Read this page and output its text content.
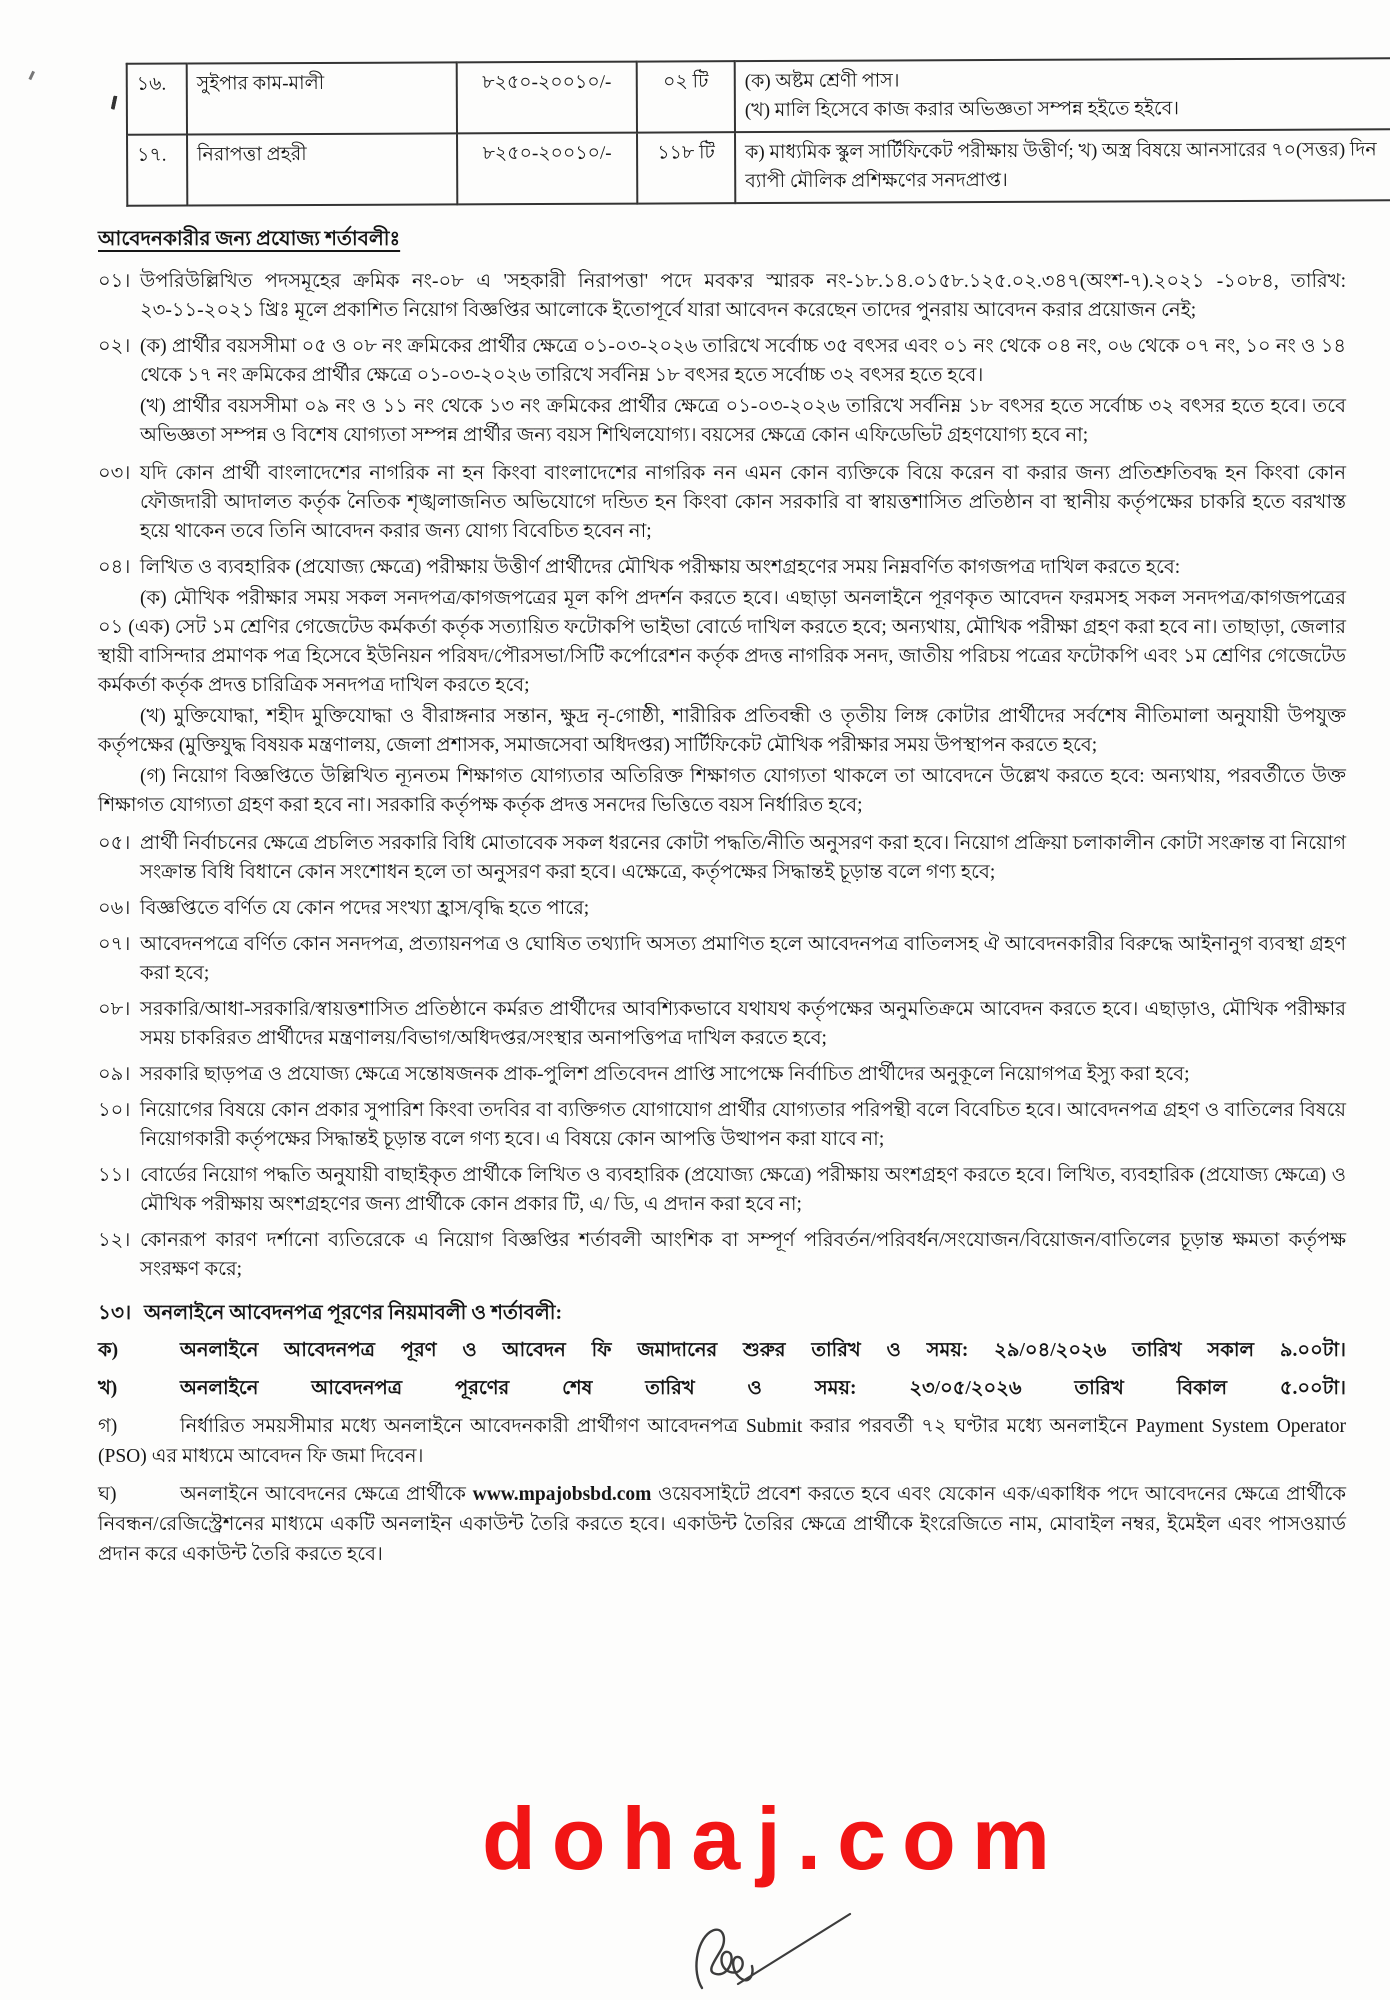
১৬.	সুইপার কাম-মালী	৮২৫০-২০০১০/-	০২ টি	(ক) অষ্টম শ্রেণী পাস।
(খ) মালি হিসেবে কাজ করার অভিজ্ঞতা সম্পন্ন হইতে হইবে।
১৭.	নিরাপত্তা প্রহরী	৮২৫০-২০০১০/-	১১৮ টি	ক) মাধ্যমিক স্কুল সার্টিফিকেট পরীক্ষায় উত্তীর্ণ; খ) অস্ত্র বিষয়ে আনসারের ৭০(সত্তর) দিন ব্যাপী মৌলিক প্রশিক্ষণের সনদপ্রাপ্ত।
আবেদনকারীর জন্য প্রযোজ্য শর্তাবলীঃ
০১। উপরিউল্লিখিত পদসমূহের ক্রমিক নং-০৮ এ 'সহকারী নিরাপত্তা' পদে মবক'র স্মারক নং-১৮.১৪.০১৫৮.১২৫.০২.৩৪৭(অংশ-৭).২০২১ -১০৮৪, তারিখ: ২৩-১১-২০২১ খ্রিঃ মূলে প্রকাশিত নিয়োগ বিজ্ঞপ্তির আলোকে ইতোপূর্বে যারা আবেদন করেছেন তাদের পুনরায় আবেদন করার প্রয়োজন নেই;
০২। (ক) প্রার্থীর বয়সসীমা ০৫ ও ০৮ নং ক্রমিকের প্রার্থীর ক্ষেত্রে ০১-০৩-২০২৬ তারিখে সর্বোচ্চ ৩৫ বৎসর এবং ০১ নং থেকে ০৪ নং, ০৬ থেকে ০৭ নং, ১০ নং ও ১৪ থেকে ১৭ নং ক্রমিকের প্রার্থীর ক্ষেত্রে ০১-০৩-২০২৬ তারিখে সর্বনিম্ন ১৮ বৎসর হতে সর্বোচ্চ ৩২ বৎসর হতে হবে।

(খ) প্রার্থীর বয়সসীমা ০৯ নং ও ১১ নং থেকে ১৩ নং ক্রমিকের প্রার্থীর ক্ষেত্রে ০১-০৩-২০২৬ তারিখে সর্বনিম্ন ১৮ বৎসর হতে সর্বোচ্চ ৩২ বৎসর হতে হবে। তবে অভিজ্ঞতা সম্পন্ন ও বিশেষ যোগ্যতা সম্পন্ন প্রার্থীর জন্য বয়স শিথিলযোগ্য। বয়সের ক্ষেত্রে কোন এফিডেভিট গ্রহণযোগ্য হবে না;

০৩। যদি কোন প্রার্থী বাংলাদেশের নাগরিক না হন কিংবা বাংলাদেশের নাগরিক নন এমন কোন ব্যক্তিকে বিয়ে করেন বা করার জন্য প্রতিশ্রুতিবদ্ধ হন কিংবা কোন ফৌজদারী আদালত কর্তৃক নৈতিক শৃঙ্খলাজনিত অভিযোগে দন্ডিত হন কিংবা কোন সরকারি বা স্বায়ত্তশাসিত প্রতিষ্ঠান বা স্থানীয় কর্তৃপক্ষের চাকরি হতে বরখাস্ত হয়ে থাকেন তবে তিনি আবেদন করার জন্য যোগ্য বিবেচিত হবেন না;
০৪। লিখিত ও ব্যবহারিক (প্রযোজ্য ক্ষেত্রে) পরীক্ষায় উত্তীর্ণ প্রার্থীদের মৌখিক পরীক্ষায় অংশগ্রহণের সময় নিম্নবর্ণিত কাগজপত্র দাখিল করতে হবে:

(ক) মৌখিক পরীক্ষার সময় সকল সনদপত্র/কাগজপত্রের মূল কপি প্রদর্শন করতে হবে। এছাড়া অনলাইনে পূরণকৃত আবেদন ফরমসহ সকল সনদপত্র/কাগজপত্রের ০১ (এক) সেট ১ম শ্রেণির গেজেটেড কর্মকর্তা কর্তৃক সত্যায়িত ফটোকপি ভাইভা বোর্ডে দাখিল করতে হবে; অন্যথায়, মৌখিক পরীক্ষা গ্রহণ করা হবে না। তাছাড়া, জেলার স্থায়ী বাসিন্দার প্রমাণক পত্র হিসেবে ইউনিয়ন পরিষদ/পৌরসভা/সিটি কর্পোরেশন কর্তৃক প্রদত্ত নাগরিক সনদ, জাতীয় পরিচয় পত্রের ফটোকপি এবং ১ম শ্রেণির গেজেটেড কর্মকর্তা কর্তৃক প্রদত্ত চারিত্রিক সনদপত্র দাখিল করতে হবে;

(খ) মুক্তিযোদ্ধা, শহীদ মুক্তিযোদ্ধা ও বীরাঙ্গনার সন্তান, ক্ষুদ্র নৃ-গোষ্ঠী, শারীরিক প্রতিবন্ধী ও তৃতীয় লিঙ্গ কোটার প্রার্থীদের সর্বশেষ নীতিমালা অনুযায়ী উপযুক্ত কর্তৃপক্ষের (মুক্তিযুদ্ধ বিষয়ক মন্ত্রণালয়, জেলা প্রশাসক, সমাজসেবা অধিদপ্তর) সার্টিফিকেট মৌখিক পরীক্ষার সময় উপস্থাপন করতে হবে;

(গ) নিয়োগ বিজ্ঞপ্তিতে উল্লিখিত ন্যূনতম শিক্ষাগত যোগ্যতার অতিরিক্ত শিক্ষাগত যোগ্যতা থাকলে তা আবেদনে উল্লেখ করতে হবে: অন্যথায়, পরবর্তীতে উক্ত শিক্ষাগত যোগ্যতা গ্রহণ করা হবে না। সরকারি কর্তৃপক্ষ কর্তৃক প্রদত্ত সনদের ভিত্তিতে বয়স নির্ধারিত হবে;

০৫। প্রার্থী নির্বাচনের ক্ষেত্রে প্রচলিত সরকারি বিধি মোতাবেক সকল ধরনের কোটা পদ্ধতি/নীতি অনুসরণ করা হবে। নিয়োগ প্রক্রিয়া চলাকালীন কোটা সংক্রান্ত বা নিয়োগ সংক্রান্ত বিধি বিধানে কোন সংশোধন হলে তা অনুসরণ করা হবে। এক্ষেত্রে, কর্তৃপক্ষের সিদ্ধান্তই চূড়ান্ত বলে গণ্য হবে;
০৬। বিজ্ঞপ্তিতে বর্ণিত যে কোন পদের সংখ্যা হ্রাস/বৃদ্ধি হতে পারে;
০৭। আবেদনপত্রে বর্ণিত কোন সনদপত্র, প্রত্যায়নপত্র ও ঘোষিত তথ্যাদি অসত্য প্রমাণিত হলে আবেদনপত্র বাতিলসহ ঐ আবেদনকারীর বিরুদ্ধে আইনানুগ ব্যবস্থা গ্রহণ করা হবে;
০৮। সরকারি/আধা-সরকারি/স্বায়ত্তশাসিত প্রতিষ্ঠানে কর্মরত প্রার্থীদের আবশ্যিকভাবে যথাযথ কর্তৃপক্ষের অনুমতিক্রমে আবেদন করতে হবে। এছাড়াও, মৌখিক পরীক্ষার সময় চাকরিরত প্রার্থীদের মন্ত্রণালয়/বিভাগ/অধিদপ্তর/সংস্থার অনাপত্তিপত্র দাখিল করতে হবে;
০৯। সরকারি ছাড়পত্র ও প্রযোজ্য ক্ষেত্রে সন্তোষজনক প্রাক-পুলিশ প্রতিবেদন প্রাপ্তি সাপেক্ষে নির্বাচিত প্রার্থীদের অনুকূলে নিয়োগপত্র ইস্যু করা হবে;
১০। নিয়োগের বিষয়ে কোন প্রকার সুপারিশ কিংবা তদবির বা ব্যক্তিগত যোগাযোগ প্রার্থীর যোগ্যতার পরিপন্থী বলে বিবেচিত হবে। আবেদনপত্র গ্রহণ ও বাতিলের বিষয়ে নিয়োগকারী কর্তৃপক্ষের সিদ্ধান্তই চূড়ান্ত বলে গণ্য হবে। এ বিষয়ে কোন আপত্তি উত্থাপন করা যাবে না;
১১। বোর্ডের নিয়োগ পদ্ধতি অনুযায়ী বাছাইকৃত প্রার্থীকে লিখিত ও ব্যবহারিক (প্রযোজ্য ক্ষেত্রে) পরীক্ষায় অংশগ্রহণ করতে হবে। লিখিত, ব্যবহারিক (প্রযোজ্য ক্ষেত্রে) ও মৌখিক পরীক্ষায় অংশগ্রহণের জন্য প্রার্থীকে কোন প্রকার টি, এ/ ডি, এ প্রদান করা হবে না;
১২। কোনরূপ কারণ দর্শানো ব্যতিরেকে এ নিয়োগ বিজ্ঞপ্তির শর্তাবলী আংশিক বা সম্পূর্ণ পরিবর্তন/পরিবর্ধন/সংযোজন/বিয়োজন/বাতিলের চূড়ান্ত ক্ষমতা কর্তৃপক্ষ সংরক্ষণ করে;
১৩। অনলাইনে আবেদনপত্র পূরণের নিয়মাবলী ও শর্তাবলী:
ক)	অনলাইনে আবেদনপত্র পূরণ ও আবেদন ফি জমাদানের শুরুর তারিখ ও সময়: ২৯/০৪/২০২৬ তারিখ সকাল ৯.০০টা।
খ)	অনলাইনে আবেদনপত্র পূরণের শেষ তারিখ ও সময়: ২৩/০৫/২০২৬ তারিখ বিকাল ৫.০০টা।
গ)	নির্ধারিত সময়সীমার মধ্যে অনলাইনে আবেদনকারী প্রার্থীগণ আবেদনপত্র Submit করার পরবর্তী ৭২ ঘণ্টার মধ্যে অনলাইনে Payment System Operator (PSO) এর মাধ্যমে আবেদন ফি জমা দিবেন।

ঘ)	অনলাইনে আবেদনের ক্ষেত্রে প্রার্থীকে www.mpajobsbd.com ওয়েবসাইটে প্রবেশ করতে হবে এবং যেকোন এক/একাধিক পদে আবেদনের ক্ষেত্রে প্রার্থীকে নিবন্ধন/রেজিস্ট্রেশনের মাধ্যমে একটি অনলাইন একাউন্ট তৈরি করতে হবে। একাউন্ট তৈরির ক্ষেত্রে প্রার্থীকে ইংরেজিতে নাম, মোবাইল নম্বর, ইমেইল এবং পাসওয়ার্ড প্রদান করে একাউন্ট তৈরি করতে হবে।

dohaj.com
